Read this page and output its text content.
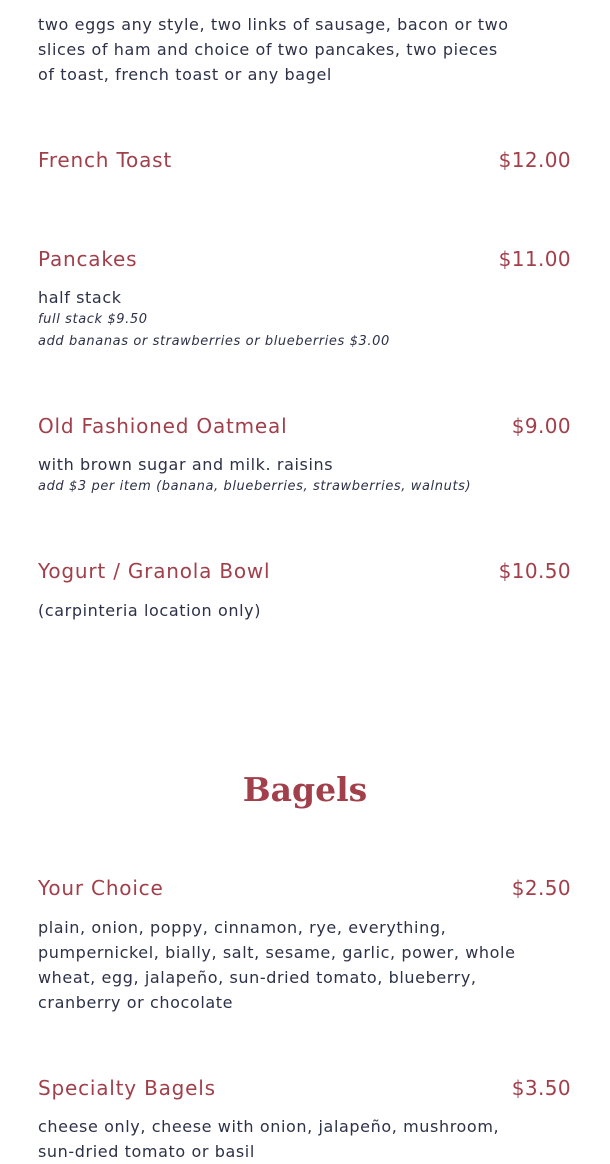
two eggs any style, two links of sausage, bacon or two slices of ham and choice of two pancakes, two pieces of toast, french toast or any bagel

French Toast	$12.00

Pancakes	$11.00

half stack

full stack $9.50

add bananas or strawberries or blueberries $3.00

Old Fashioned Oatmeal	$9.00

with brown sugar and milk. raisins

add $3 per item (banana, blueberries, strawberries, walnuts)

Yogurt / Granola Bowl	$10.50

(carpinteria location only)

Bagels

Your Choice	$2.50

plain, onion, poppy, cinnamon, rye, everything, pumpernickel, bially, salt, sesame, garlic, power, whole wheat, egg, jalapeño, sun-dried tomato, blueberry, cranberry or chocolate

Specialty Bagels	$3.50

cheese only, cheese with onion, jalapeño, mushroom, sun-dried tomato or basil
